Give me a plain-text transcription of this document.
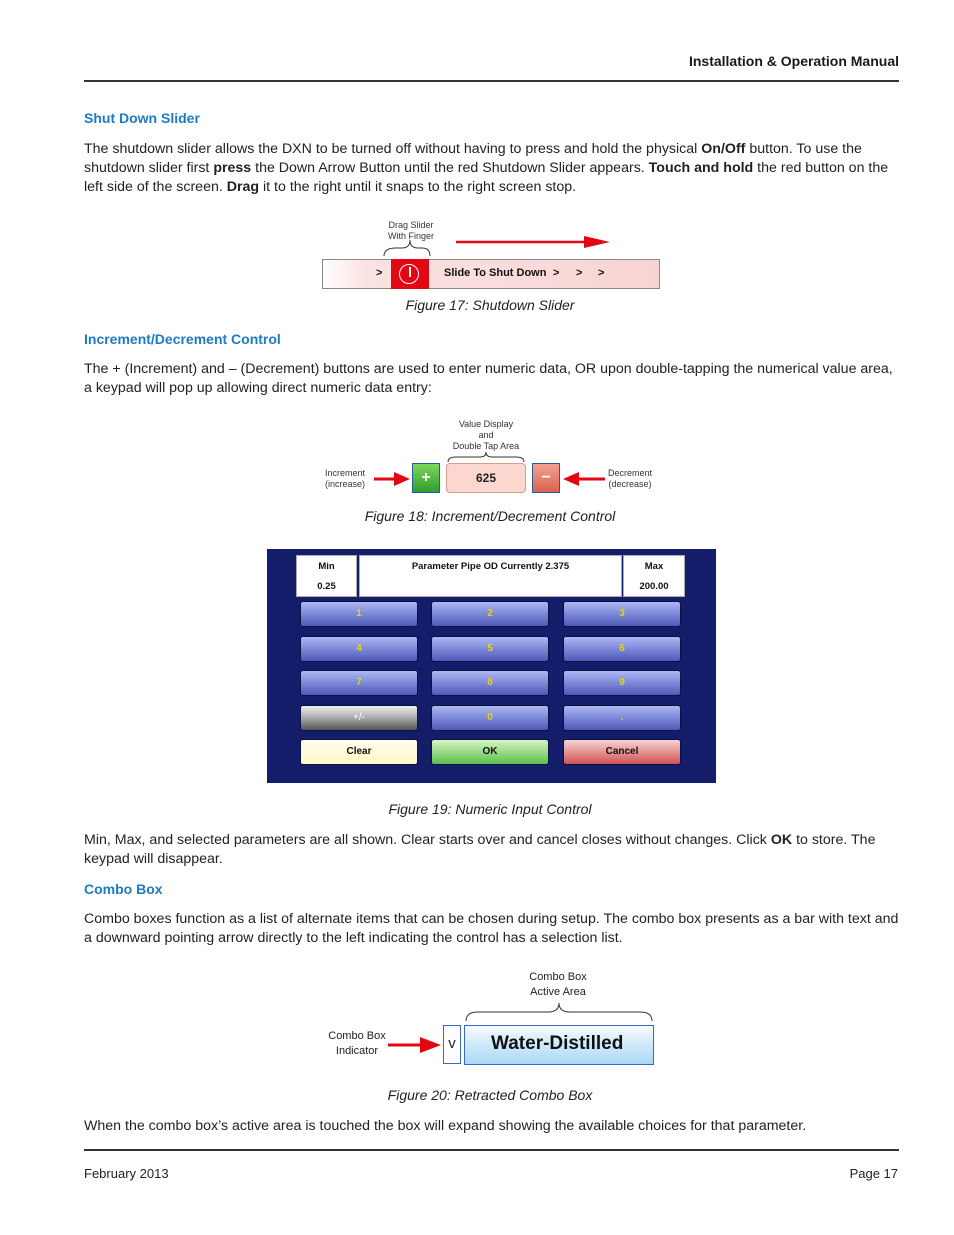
Installation & Operation Manual
Shut Down Slider
The shutdown slider allows the DXN to be turned off without having to press and hold the physical On/Off button. To use the shutdown slider first press the Down Arrow Button until the red Shutdown Slider appears. Touch and hold the red button on the left side of the screen. Drag it to the right until it snaps to the right screen stop.
Drag Slider
With Finger
>	Slide To Shut Down > > >
Figure 17: Shutdown Slider
Increment/Decrement Control
The + (Increment) and – (Decrement) buttons are used to enter numeric data, OR upon double-tapping the numerical value area, a keypad will pop up allowing direct numeric data entry:
Value Display
and
Double Tap Area
Increment
(increase)	+	625	−	Decrement
(decrease)
Figure 18: Increment/Decrement Control
Min
0.25
Parameter Pipe OD Currently 2.375	Max
200.00
1	2	3
4	5	6
7	8	9
+/-	0	.
Clear	OK	Cancel
Figure 19: Numeric Input Control
Min, Max, and selected parameters are all shown. Clear starts over and cancel closes without changes. Click OK to store. The keypad will disappear.
Combo Box
Combo boxes function as a list of alternate items that can be chosen during setup. The combo box presents as a bar with text and a downward pointing arrow directly to the left indicating the control has a selection list.
Combo Box
Active Area
Combo Box
Indicator	v Water-Distilled
Figure 20: Retracted Combo Box
When the combo box’s active area is touched the box will expand showing the available choices for that parameter.
February 2013	Page 17
